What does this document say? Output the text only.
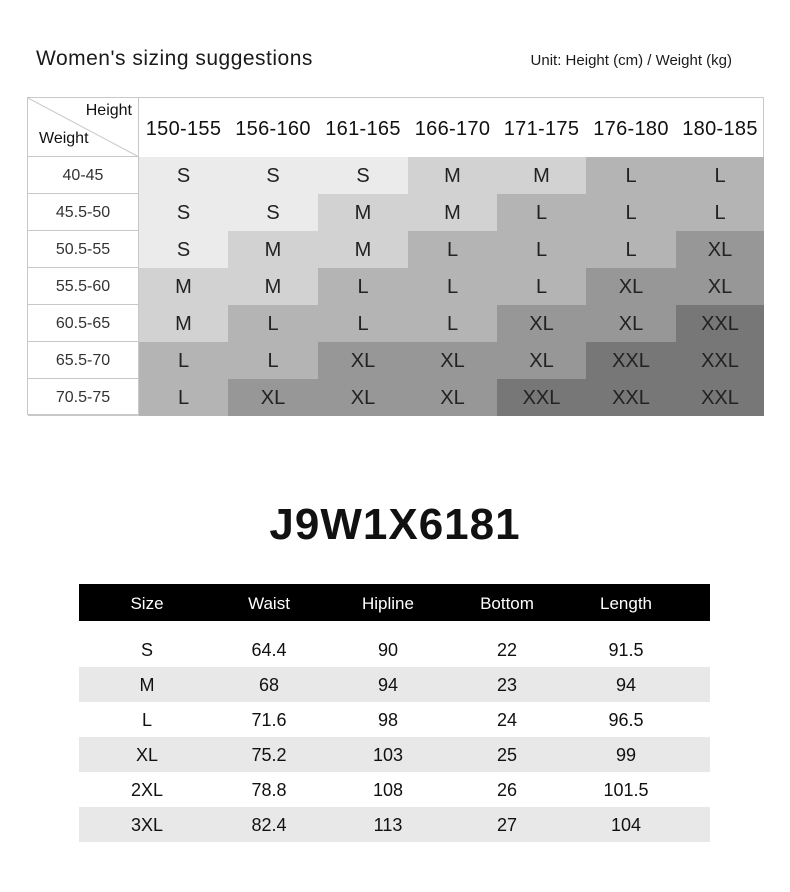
Women's sizing suggestions	Unit: Height (cm) / Weight (kg)
Height
Weight	150-155 156-160 161-165 166-170 171-175 176-180 180-185
40-45	S	S	S	M	M	L	L
45.5-50	S	S	M	M	L	L	L
50.5-55	S	M	M	L	L	L	XL
55.5-60	M	M	L	L	L	XL	XL
60.5-65	M	L	L	L	XL	XL	XXL
65.5-70	L	L	XL	XL	XL	XXL	XXL
70.5-75	L	XL	XL	XL	XXL	XXL	XXL
J9W1X6181
Size	Waist	Hipline	Bottom	Length
S	64.4	90	22	91.5
M	68	94	23	94
L	71.6	98	24	96.5
XL	75.2	103	25	99
2XL	78.8	108	26	101.5
3XL	82.4	113	27	104
